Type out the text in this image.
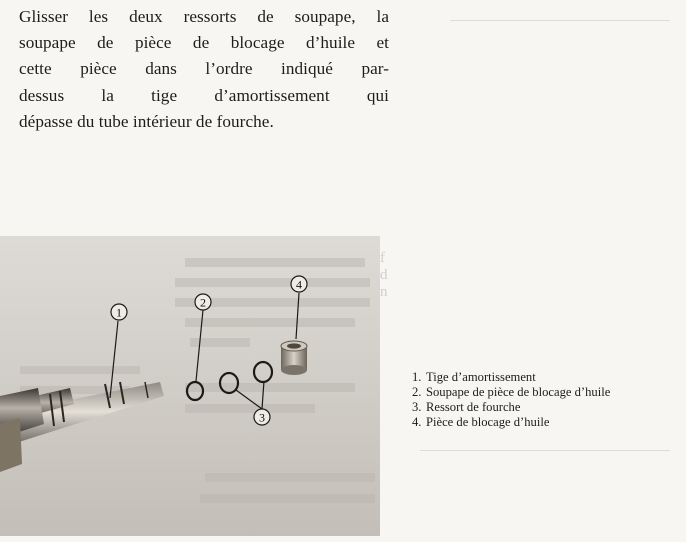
f
d
n
Glisser les deux ressorts de soupape, la
soupape de pièce de blocage d’huile et
cette pièce dans l’ordre indiqué par-
dessus la tige d’amortissement qui
dépasse du tube intérieur de fourche.
1
2
3
4
1. Tige d’amortissement
2. Soupape de pièce de blocage d’huile
3. Ressort de fourche
4. Pièce de blocage d’huile
